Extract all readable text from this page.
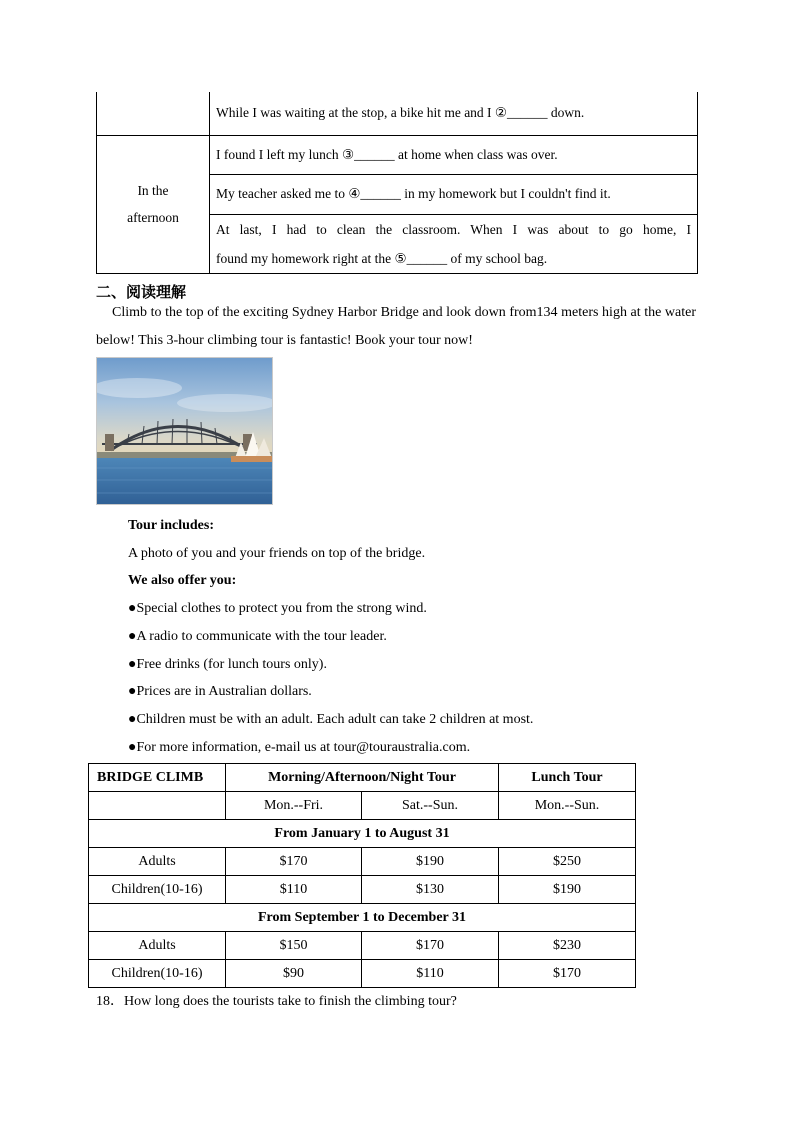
	While I was waiting at the stop, a bike hit me and I ②______ down.

In the
afternoon	I found I left my lunch ③______ at home when class was over.
	My teacher asked me to ④______ in my homework but I couldn't find it.

	At last, I had to clean the classroom. When I was about to go home, I
found my homework right at the ⑤______ of my school bag.
二、阅读理解
Climb to the top of the exciting Sydney Harbor Bridge and look down from134 meters high at the water below! This 3-hour climbing tour is fantastic! Book your tour now!
Tour includes:
A photo of you and your friends on top of the bridge.
We also offer you:
●Special clothes to protect you from the strong wind.
●A radio to communicate with the tour leader.
●Free drinks (for lunch tours only).
●Prices are in Australian dollars.
●Children must be with an adult. Each adult can take 2 children at most.
●For more information, e-mail us at tour@touraustralia.com.
BRIDGE CLIMB	Morning/Afternoon/Night Tour		Lunch Tour
	Mon.--Fri.	Sat.--Sun.	Mon.--Sun.
From January 1 to August 31			
Adults	$170	$190	$250
Children(10-16)	$110	$130	$190
From September 1 to December 31			
Adults	$150	$170	$230
Children(10-16)	$90	$110	$170
18．How long does the tourists take to finish the climbing tour?
